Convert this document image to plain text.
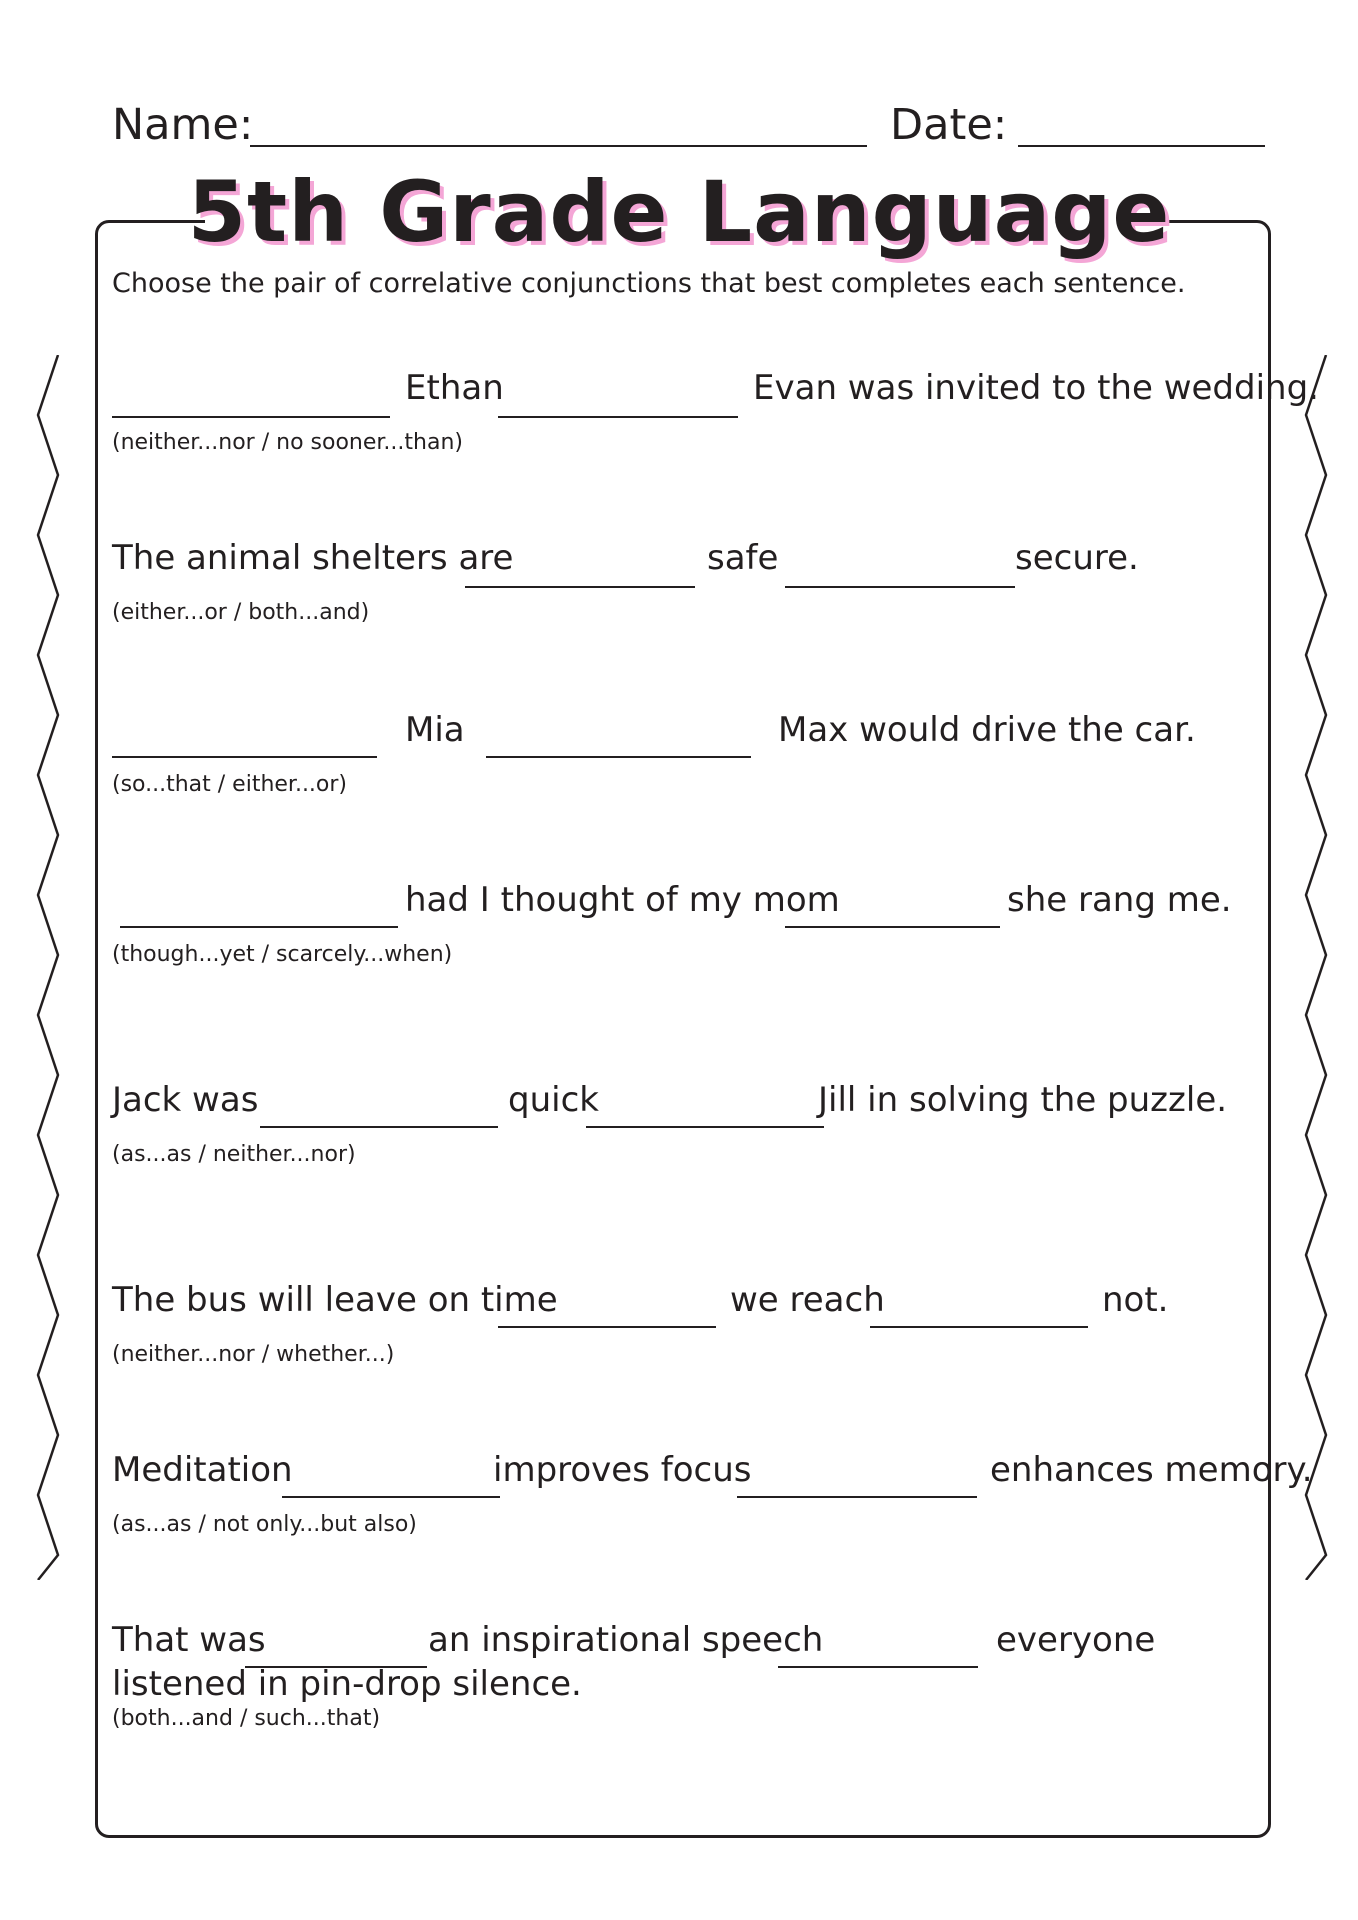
Name:	Date:
5th Grade Language
Choose the pair of correlative conjunctions that best completes each sentence.
Ethan	Evan was invited to the wedding.
(neither...nor / no sooner...than)
The animal shelters are	safe	secure.
(either...or / both...and)
Mia	Max would drive the car.
(so...that / either...or)
had I thought of my mom	she rang me.
(though...yet / scarcely...when)
Jack was	quick	Jill in solving the puzzle.
(as...as / neither...nor)
The bus will leave on time	we reach	not.
(neither...nor / whether...)
Meditation	improves focus	enhances memory.
(as...as / not only...but also)
That was	an inspirational speech	everyone
listened in pin-drop silence.
(both...and / such...that)
